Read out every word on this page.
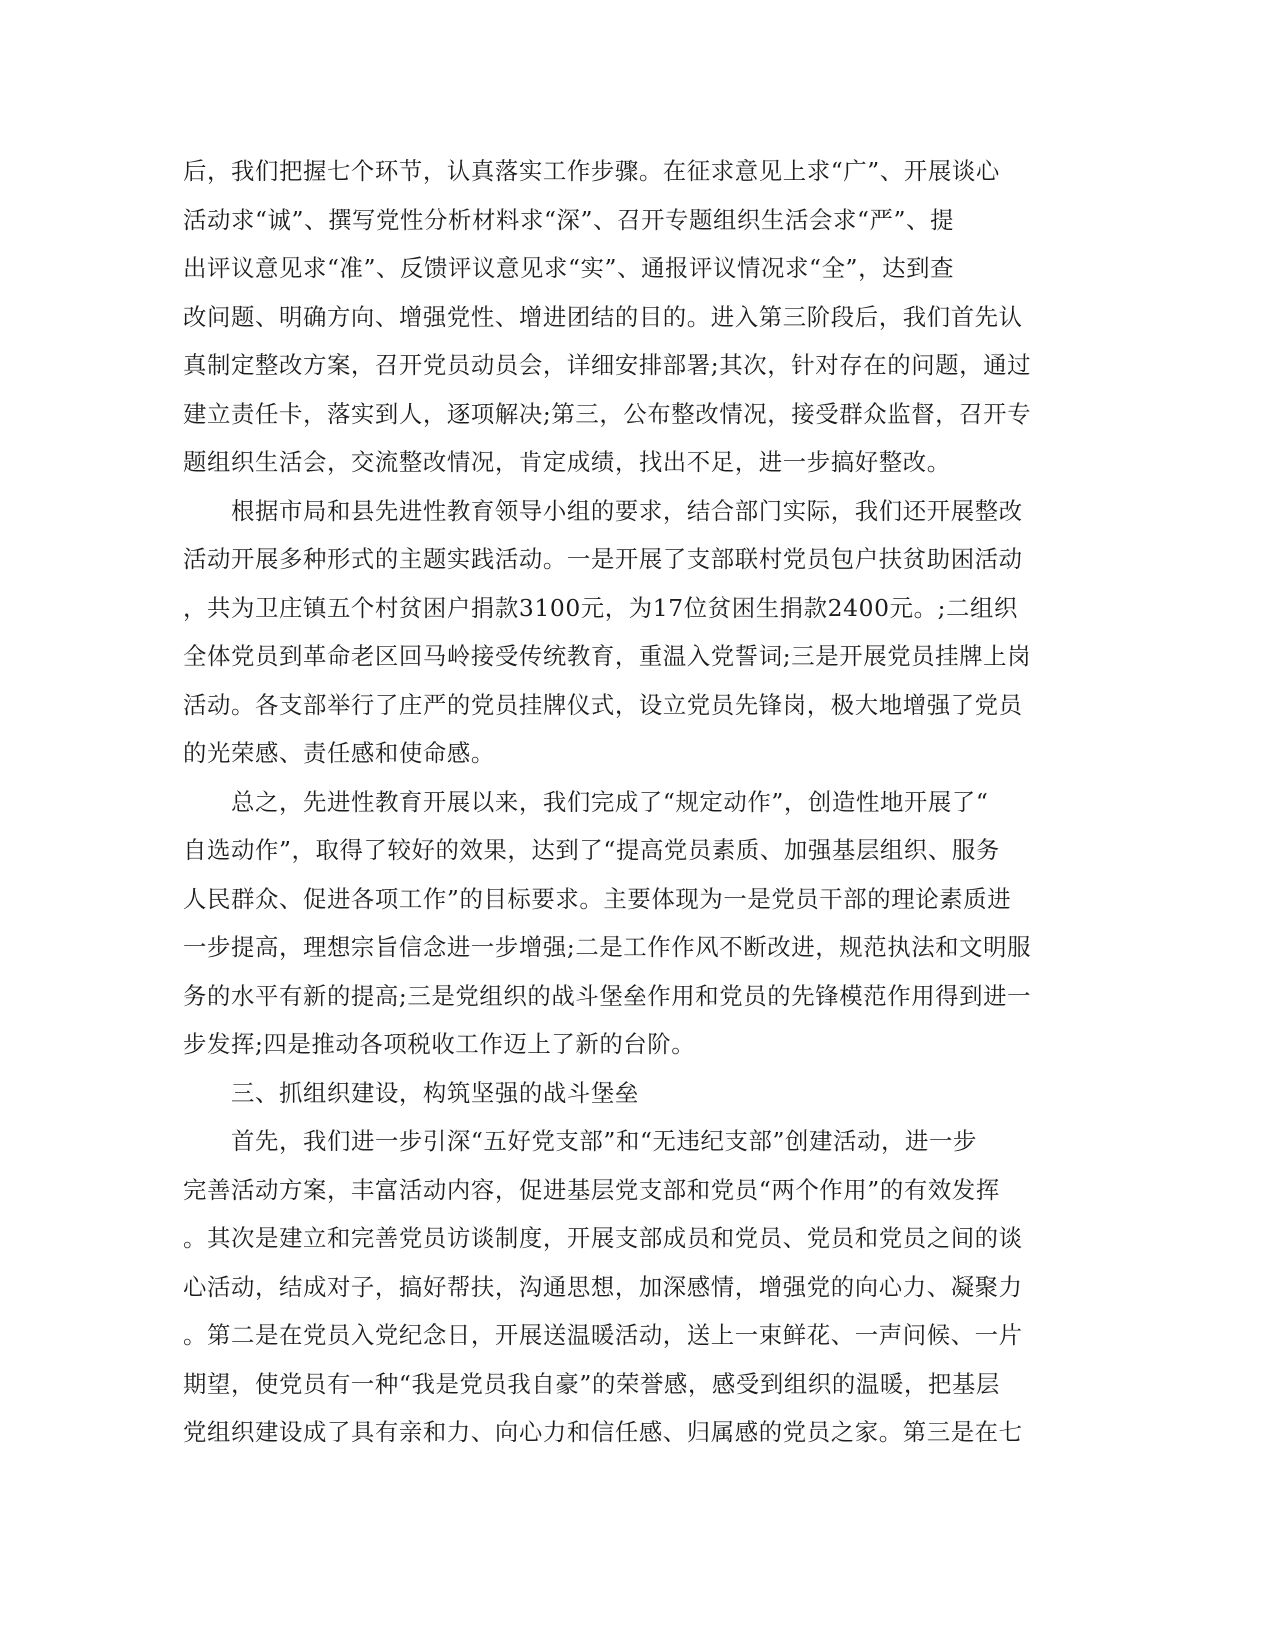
后，我们把握七个环节，认真落实工作步骤。在征求意见上求“广”、开展谈心
活动求“诚”、撰写党性分析材料求“深”、召开专题组织生活会求“严”、提
出评议意见求“准”、反馈评议意见求“实”、通报评议情况求“全”，达到查
改问题、明确方向、增强党性、增进团结的目的。进入第三阶段后，我们首先认
真制定整改方案，召开党员动员会，详细安排部署;其次，针对存在的问题，通过
建立责任卡，落实到人，逐项解决;第三，公布整改情况，接受群众监督，召开专
题组织生活会，交流整改情况，肯定成绩，找出不足，进一步搞好整改。
根据市局和县先进性教育领导小组的要求，结合部门实际，我们还开展整改
活动开展多种形式的主题实践活动。一是开展了支部联村党员包户扶贫助困活动
，共为卫庄镇五个村贫困户捐款3100元，为17位贫困生捐款2400元。;二组织
全体党员到革命老区回马岭接受传统教育，重温入党誓词;三是开展党员挂牌上岗
活动。各支部举行了庄严的党员挂牌仪式，设立党员先锋岗，极大地增强了党员
的光荣感、责任感和使命感。
总之，先进性教育开展以来，我们完成了“规定动作”，创造性地开展了“
自选动作”，取得了较好的效果，达到了“提高党员素质、加强基层组织、服务
人民群众、促进各项工作”的目标要求。主要体现为一是党员干部的理论素质进
一步提高，理想宗旨信念进一步增强;二是工作作风不断改进，规范执法和文明服
务的水平有新的提高;三是党组织的战斗堡垒作用和党员的先锋模范作用得到进一
步发挥;四是推动各项税收工作迈上了新的台阶。
三、抓组织建设，构筑坚强的战斗堡垒
首先，我们进一步引深“五好党支部”和“无违纪支部”创建活动，进一步
完善活动方案，丰富活动内容，促进基层党支部和党员“两个作用”的有效发挥
。其次是建立和完善党员访谈制度，开展支部成员和党员、党员和党员之间的谈
心活动，结成对子，搞好帮扶，沟通思想，加深感情，增强党的向心力、凝聚力
。第二是在党员入党纪念日，开展送温暖活动，送上一束鲜花、一声问候、一片
期望，使党员有一种“我是党员我自豪”的荣誉感，感受到组织的温暖，把基层
党组织建设成了具有亲和力、向心力和信任感、归属感的党员之家。第三是在七
